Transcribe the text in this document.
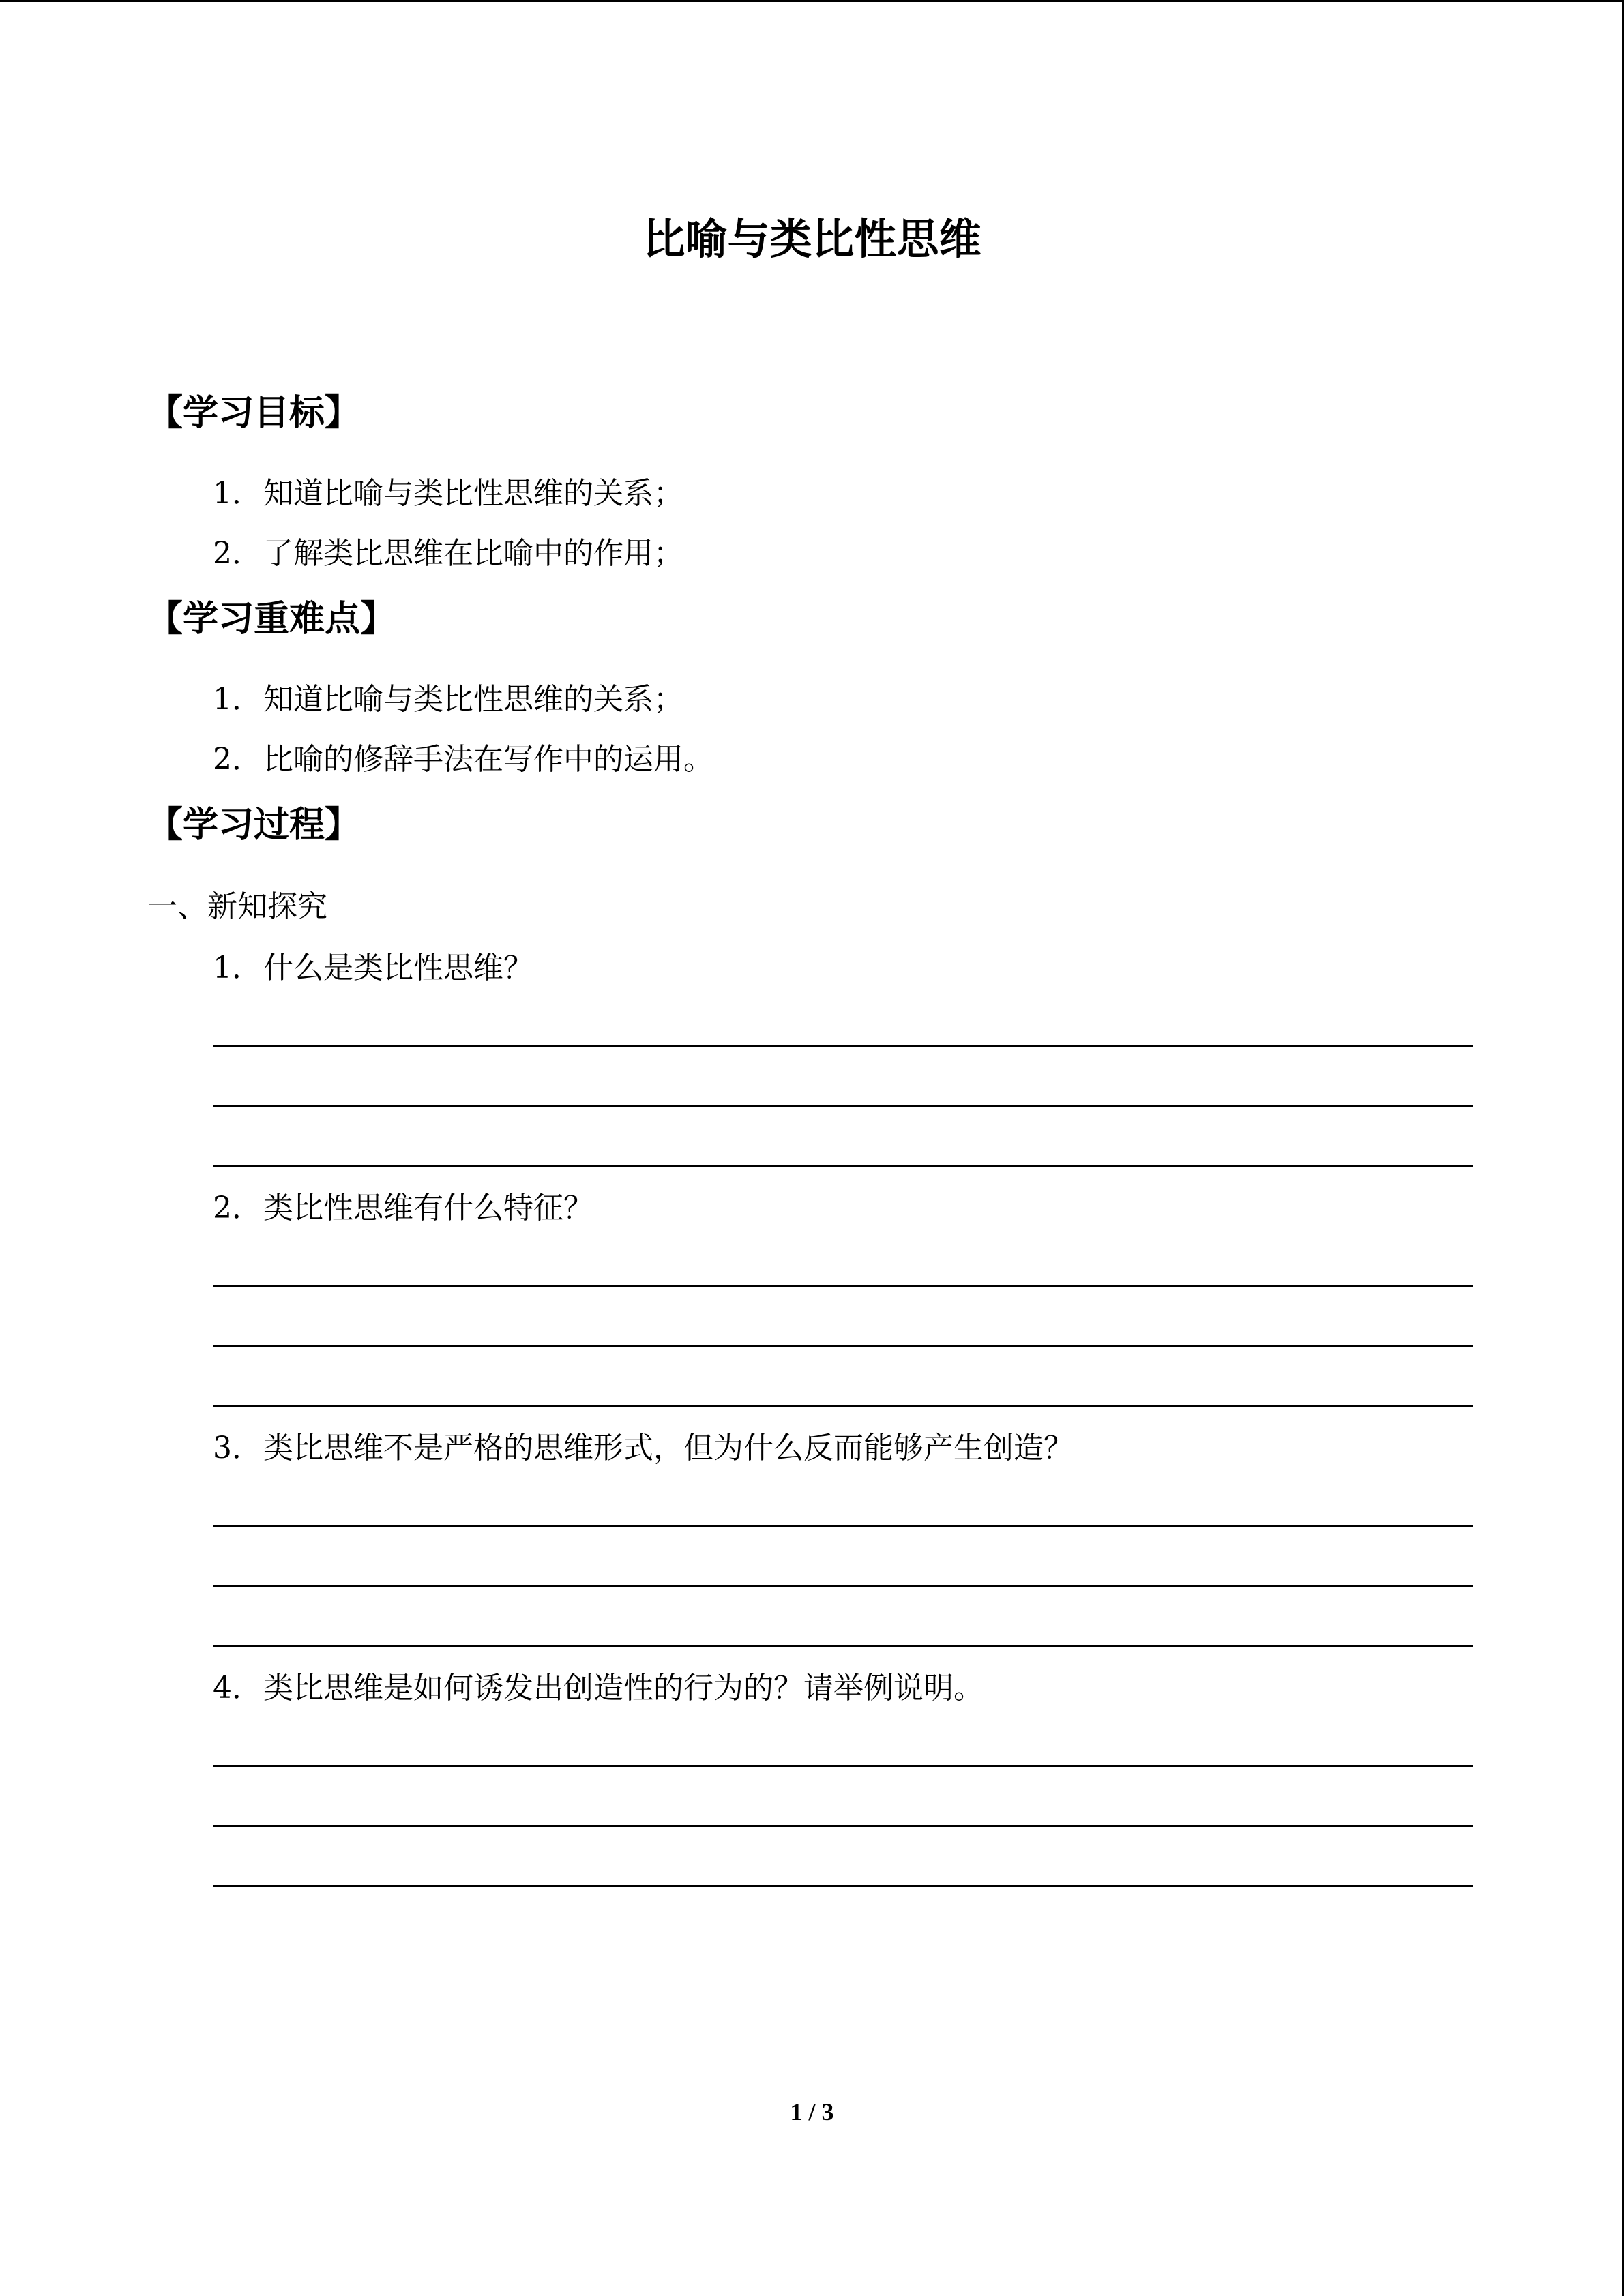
比喻与类比性思维
【学习目标】
1．知道比喻与类比性思维的关系；
2．了解类比思维在比喻中的作用；
【学习重难点】
1．知道比喻与类比性思维的关系；
2．比喻的修辞手法在写作中的运用。
【学习过程】
一、新知探究
1．什么是类比性思维？
2．类比性思维有什么特征？
3．类比思维不是严格的思维形式，但为什么反而能够产生创造？
4．类比思维是如何诱发出创造性的行为的？请举例说明。
1 / 3
